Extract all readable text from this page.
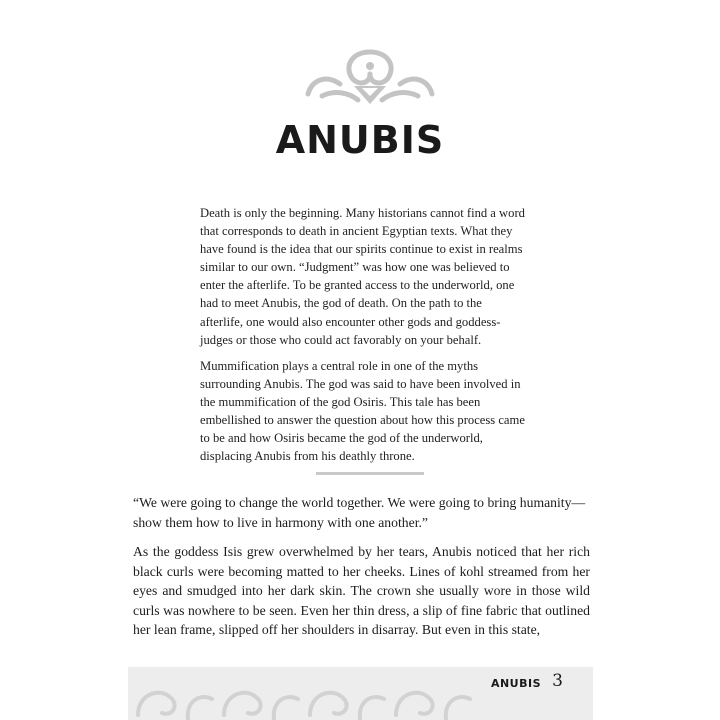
ANUBIS

Death is only the beginning. Many historians cannot find a word that corresponds to death in ancient Egyptian texts. What they have found is the idea that our spirits continue to exist in realms similar to our own. “Judgment” was how one was believed to enter the afterlife. To be granted access to the underworld, one had to meet Anubis, the god of death. On the path to the afterlife, one would also encounter other gods and goddess-judges or those who could act favorably on your behalf.

Mummification plays a central role in one of the myths surrounding Anubis. The god was said to have been involved in the mummification of the god Osiris. This tale has been embellished to answer the question about how this process came to be and how Osiris became the god of the underworld, displacing Anubis from his deathly throne.

“We were going to change the world together. We were going to bring humanity—show them how to live in harmony with one another.”

As the goddess Isis grew overwhelmed by her tears, Anubis noticed that her rich black curls were becoming matted to her cheeks. Lines of kohl streamed from her eyes and smudged into her dark skin. The crown she usually wore in those wild curls was nowhere to be seen. Even her thin dress, a slip of fine fabric that outlined her lean frame, slipped off her shoulders in disarray. But even in this state,

ANUBIS 3
